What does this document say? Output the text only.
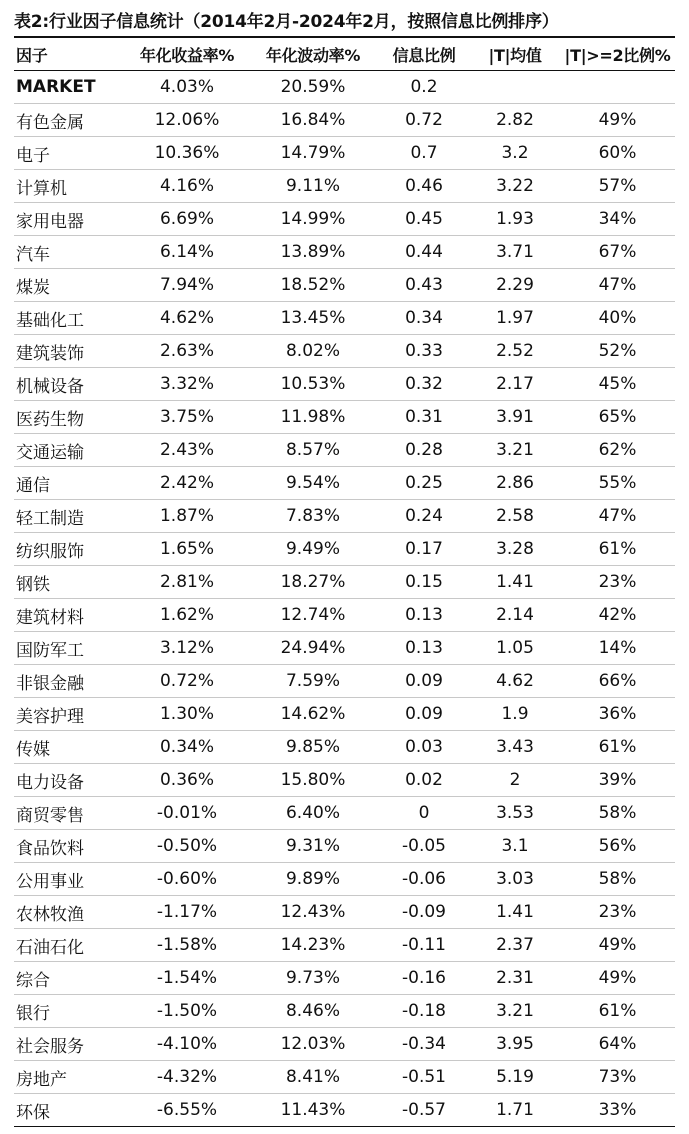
表2:行业因子信息统计（2014年2月-2024年2月，按照信息比例排序）
因子	年化收益率%	年化波动率%	信息比例	|T|均值	|T|>=2比例%
MARKET	4.03%	20.59%	0.2		
有色金属	12.06%	16.84%	0.72	2.82	49%
电子	10.36%	14.79%	0.7	3.2	60%
计算机	4.16%	9.11%	0.46	3.22	57%
家用电器	6.69%	14.99%	0.45	1.93	34%
汽车	6.14%	13.89%	0.44	3.71	67%
煤炭	7.94%	18.52%	0.43	2.29	47%
基础化工	4.62%	13.45%	0.34	1.97	40%
建筑装饰	2.63%	8.02%	0.33	2.52	52%
机械设备	3.32%	10.53%	0.32	2.17	45%
医药生物	3.75%	11.98%	0.31	3.91	65%
交通运输	2.43%	8.57%	0.28	3.21	62%
通信	2.42%	9.54%	0.25	2.86	55%
轻工制造	1.87%	7.83%	0.24	2.58	47%
纺织服饰	1.65%	9.49%	0.17	3.28	61%
钢铁	2.81%	18.27%	0.15	1.41	23%
建筑材料	1.62%	12.74%	0.13	2.14	42%
国防军工	3.12%	24.94%	0.13	1.05	14%
非银金融	0.72%	7.59%	0.09	4.62	66%
美容护理	1.30%	14.62%	0.09	1.9	36%
传媒	0.34%	9.85%	0.03	3.43	61%
电力设备	0.36%	15.80%	0.02	2	39%
商贸零售	-0.01%	6.40%	0	3.53	58%
食品饮料	-0.50%	9.31%	-0.05	3.1	56%
公用事业	-0.60%	9.89%	-0.06	3.03	58%
农林牧渔	-1.17%	12.43%	-0.09	1.41	23%
石油石化	-1.58%	14.23%	-0.11	2.37	49%
综合	-1.54%	9.73%	-0.16	2.31	49%
银行	-1.50%	8.46%	-0.18	3.21	61%
社会服务	-4.10%	12.03%	-0.34	3.95	64%
房地产	-4.32%	8.41%	-0.51	5.19	73%
环保	-6.55%	11.43%	-0.57	1.71	33%
